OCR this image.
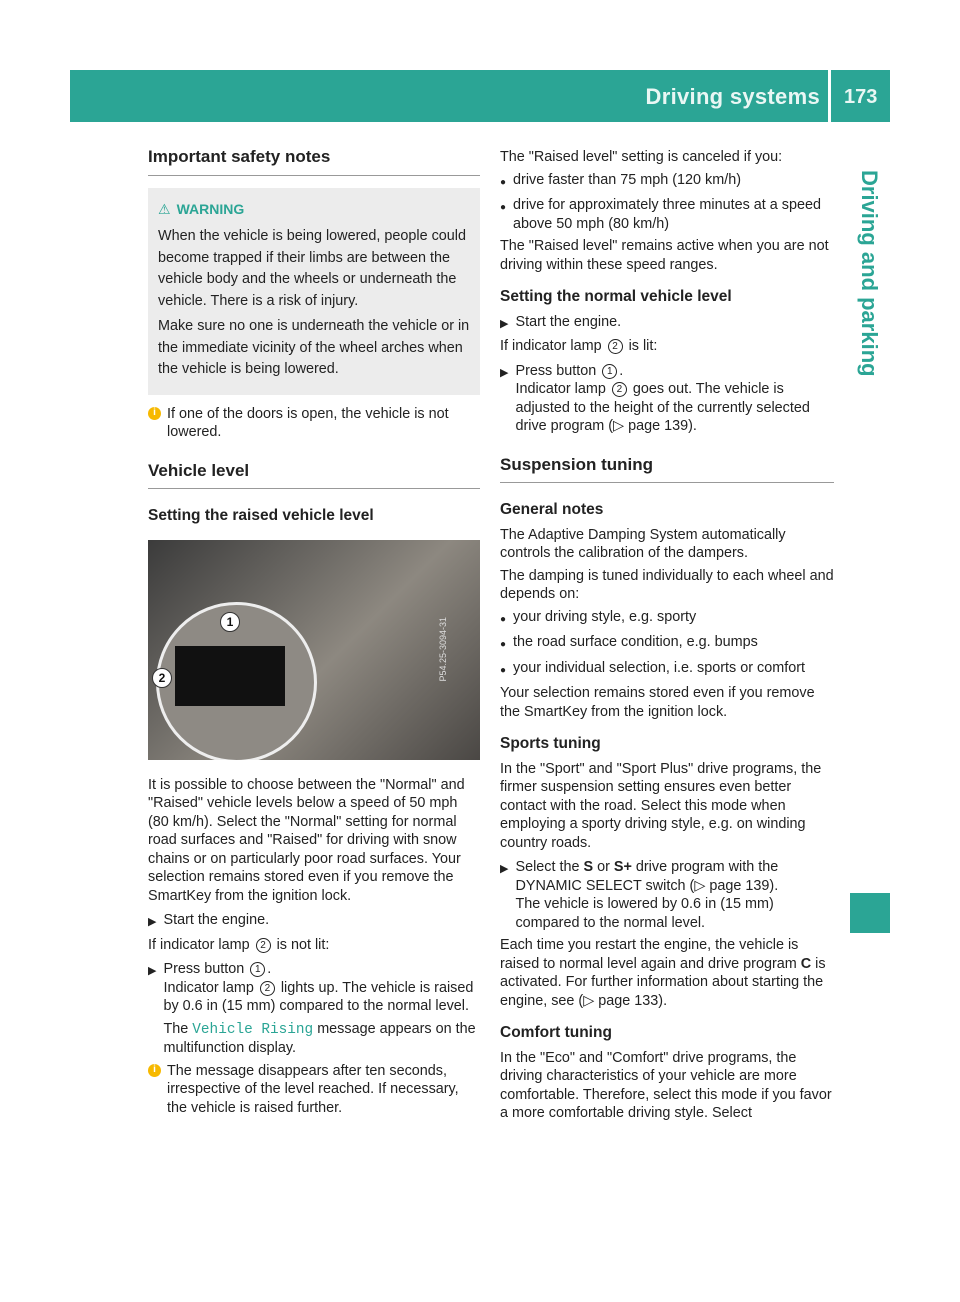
Driving systems 173
Driving and parking
Important safety notes
⚠ WARNING

When the vehicle is being lowered, people could become trapped if their limbs are between the vehicle body and the wheels or underneath the vehicle. There is a risk of injury.

Make sure no one is underneath the vehicle or in the immediate vicinity of the wheel arches when the vehicle is being lowered.

i If one of the doors is open, the vehicle is not lowered.
Vehicle level
Setting the raised vehicle level
1
2	P54.25-3094-31

It is possible to choose between the "Normal" and "Raised" vehicle levels below a speed of 50 mph (80 km/h). Select the "Normal" setting for normal road surfaces and "Raised" for driving with snow chains or on particularly poor road surfaces. Your selection remains stored even if you remove the SmartKey from the ignition lock.

▶ Start the engine.

If indicator lamp 2 is not lit:

▶ Press button 1 .
Indicator lamp 2 lights up. The vehicle is raised by 0.6 in (15 mm) compared to the normal level.

The Vehicle Rising message appears on the multifunction display.
i The message disappears after ten seconds, irrespective of the level reached. If necessary, the vehicle is raised further.

The "Raised level" setting is canceled if you:

● drive faster than 75 mph (120 km/h)
● drive for approximately three minutes at a speed above 50 mph (80 km/h)

The "Raised level" remains active when you are not driving within these speed ranges.

Setting the normal vehicle level
▶ Start the engine.

If indicator lamp 2 is lit:

▶ Press button 1 .
Indicator lamp 2 goes out. The vehicle is adjusted to the height of the currently selected drive program (▷ page 139).
Suspension tuning
General notes

The Adaptive Damping System automatically controls the calibration of the dampers.

The damping is tuned individually to each wheel and depends on:

● your driving style, e.g. sporty
● the road surface condition, e.g. bumps
● your individual selection, i.e. sports or comfort

Your selection remains stored even if you remove the SmartKey from the ignition lock.

Sports tuning

In the "Sport" and "Sport Plus" drive programs, the firmer suspension setting ensures even better contact with the road. Select this mode when employing a sporty driving style, e.g. on winding country roads.

▶ Select the S or S+ drive program with the DYNAMIC SELECT switch (▷ page 139).
The vehicle is lowered by 0.6 in (15 mm) compared to the normal level.

Each time you restart the engine, the vehicle is raised to normal level again and drive program C is activated. For further information about starting the engine, see (▷ page 133).

Comfort tuning

In the "Eco" and "Comfort" drive programs, the driving characteristics of your vehicle are more comfortable. Therefore, select this mode if you favor a more comfortable driving style. Select
